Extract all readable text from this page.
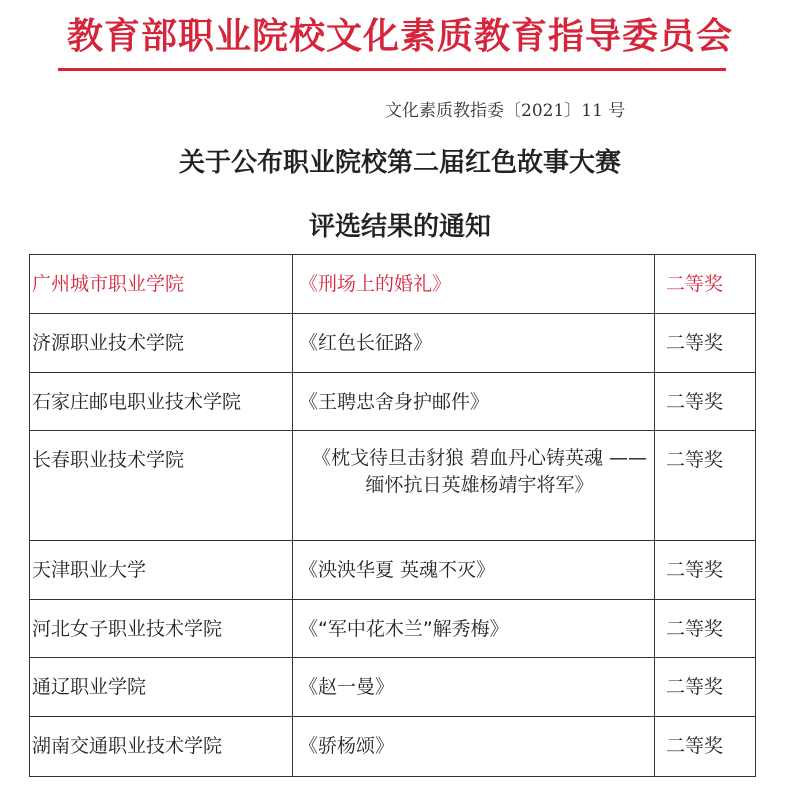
教育部职业院校文化素质教育指导委员会
文化素质教指委〔2021〕11 号
关于公布职业院校第二届红色故事大赛
评选结果的通知
广州城市职业学院	《刑场上的婚礼》	二等奖
济源职业技术学院	《红色长征路》	二等奖
石家庄邮电职业技术学院	《王聘忠舍身护邮件》	二等奖
长春职业技术学院	《枕戈待旦击豺狼 碧血丹心铸英魂 ——缅怀抗日英雄杨靖宇将军》	二等奖
天津职业大学	《泱泱华夏 英魂不灭》	二等奖
河北女子职业技术学院	《“军中花木兰”解秀梅》	二等奖
通辽职业学院	《赵一曼》	二等奖
湖南交通职业技术学院	《骄杨颂》	二等奖
